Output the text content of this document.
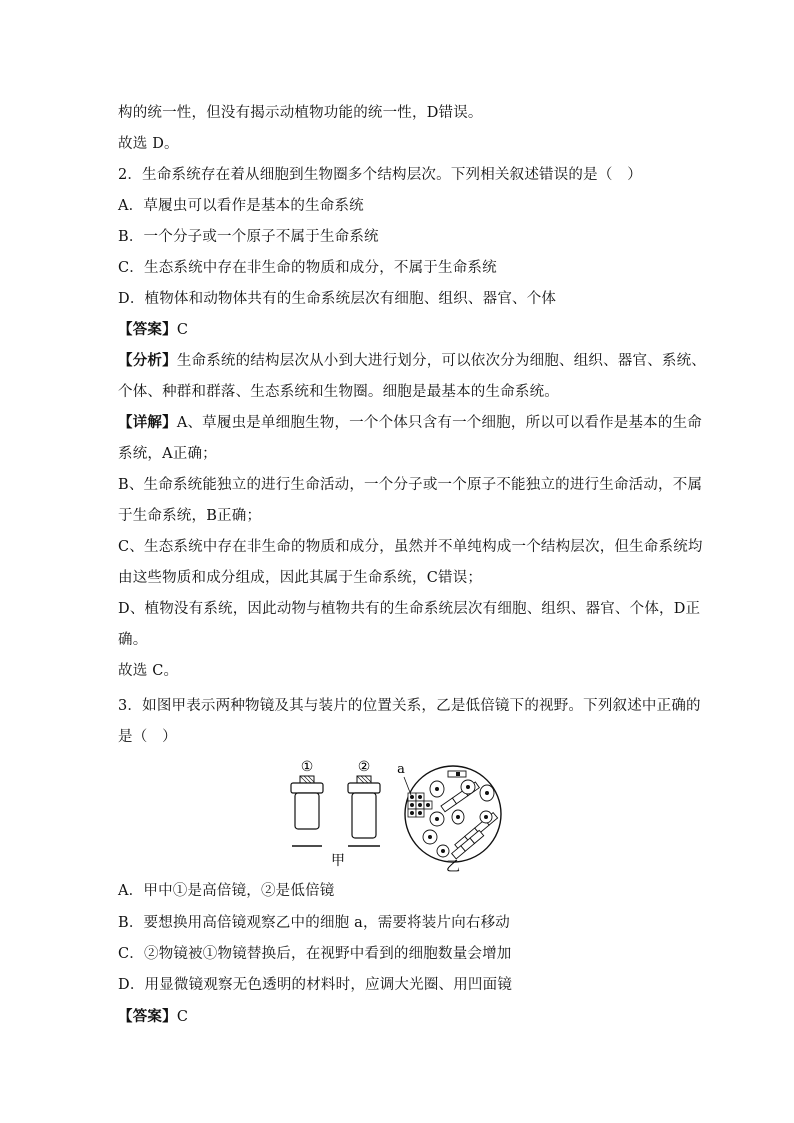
构的统一性，但没有揭示动植物功能的统一性，D错误。
故选 D。
2．生命系统存在着从细胞到生物圈多个结构层次。下列相关叙述错误的是（　）
A．草履虫可以看作是基本的生命系统
B．一个分子或一个原子不属于生命系统
C．生态系统中存在非生命的物质和成分，不属于生命系统
D．植物体和动物体共有的生命系统层次有细胞、组织、器官、个体
【答案】C
【分析】生命系统的结构层次从小到大进行划分，可以依次分为细胞、组织、器官、系统、
个体、种群和群落、生态系统和生物圈。细胞是最基本的生命系统。
【详解】A、草履虫是单细胞生物，一个个体只含有一个细胞，所以可以看作是基本的生命
系统，A正确；
B、生命系统能独立的进行生命活动，一个分子或一个原子不能独立的进行生命活动，不属
于生命系统，B正确；
C、生态系统中存在非生命的物质和成分，虽然并不单纯构成一个结构层次，但生命系统均
由这些物质和成分组成，因此其属于生命系统，C错误；
D、植物没有系统，因此动物与植物共有的生命系统层次有细胞、组织、器官、个体，D正
确。
故选 C。
3．如图甲表示两种物镜及其与装片的位置关系，乙是低倍镜下的视野。下列叙述中正确的
是（　）
①	②
甲
a
乙
A．甲中①是高倍镜，②是低倍镜
B．要想换用高倍镜观察乙中的细胞 a，需要将装片向右移动
C．②物镜被①物镜替换后，在视野中看到的细胞数量会增加
D．用显微镜观察无色透明的材料时，应调大光圈、用凹面镜
【答案】C
